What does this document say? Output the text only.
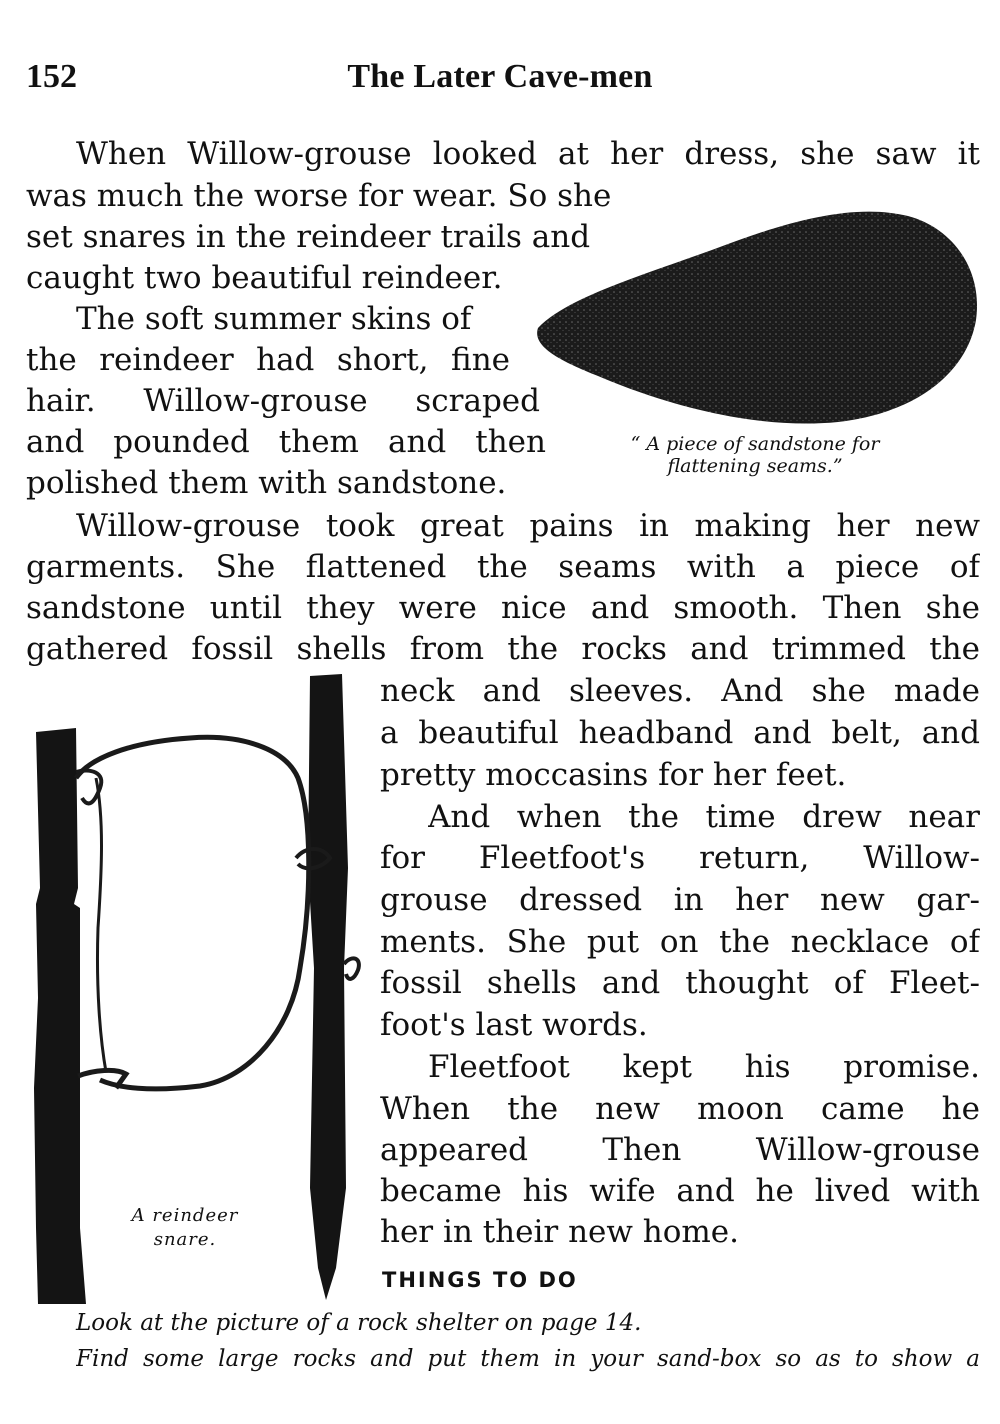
152	The Later Cave-men
“ A piece of sandstone for
flattening seams.”
A reindeer
snare.
When Willow-grouse looked at her dress, she saw it
was much the worse for wear. So she
set snares in the reindeer trails and
caught two beautiful reindeer.
The soft summer skins of
the reindeer had short, fine
hair. Willow-grouse scraped
and pounded them and then
polished them with sandstone.
Willow-grouse took great pains in making her new
garments. She flattened the seams with a piece of
sandstone until they were nice and smooth. Then she
gathered fossil shells from the rocks and trimmed the
neck and sleeves. And she made
a beautiful headband and belt, and
pretty moccasins for her feet.
And when the time drew near
for Fleetfoot's return, Willow-
grouse dressed in her new gar-
ments. She put on the necklace of
fossil shells and thought of Fleet-
foot's last words.
Fleetfoot kept his promise.
When the new moon came he
appeared Then Willow-grouse
became his wife and he lived with
her in their new home.
THINGS TO DO
Look at the picture of a rock shelter on page 14.
Find some large rocks and put them in your sand-box so as to show a
